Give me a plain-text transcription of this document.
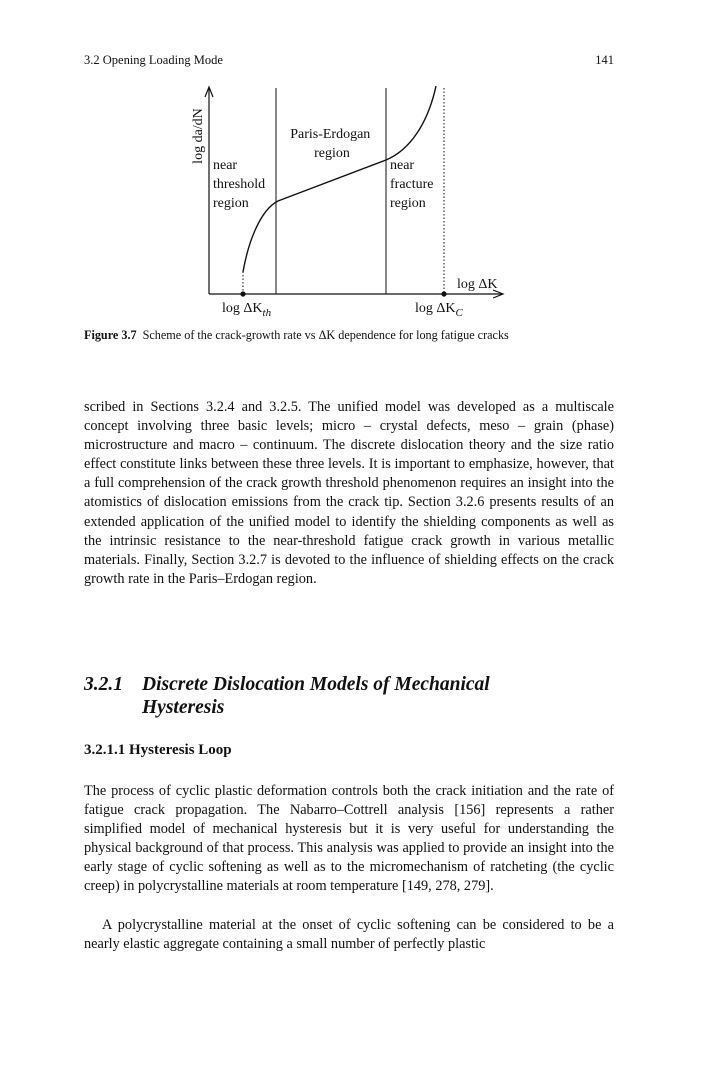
3.2 Opening Loading Mode	141
log da/dN
log ΔK
$\log \Delta K_{th}$	$\log \Delta K_C$
near threshold region
Paris-Erdogan region
near fracture region
Figure 3.7 Scheme of the crack-growth rate vs ΔK dependence for long fatigue cracks

scribed in Sections 3.2.4 and 3.2.5. The unified model was developed as a multiscale concept involving three basic levels; micro – crystal defects, meso – grain (phase) microstructure and macro – continuum. The discrete dislocation theory and the size ratio effect constitute links between these three levels. It is important to emphasize, however, that a full comprehension of the crack growth threshold phenomenon requires an insight into the atomistics of dislocation emissions from the crack tip. Section 3.2.6 presents results of an extended application of the unified model to identify the shielding components as well as the intrinsic resistance to the near-threshold fatigue crack growth in various metallic materials. Finally, Section 3.2.7 is devoted to the influence of shielding effects on the crack growth rate in the Paris–Erdogan region.

3.2.1 Discrete Dislocation Models of Mechanical
Hysteresis
3.2.1.1 Hysteresis Loop

The process of cyclic plastic deformation controls both the crack initiation and the rate of fatigue crack propagation. The Nabarro–Cottrell analysis [156] represents a rather simplified model of mechanical hysteresis but it is very useful for understanding the physical background of that process. This analysis was applied to provide an insight into the early stage of cyclic softening as well as to the micromechanism of ratcheting (the cyclic creep) in polycrystalline materials at room temperature [149, 278, 279].

A polycrystalline material at the onset of cyclic softening can be considered to be a nearly elastic aggregate containing a small number of perfectly plastic
